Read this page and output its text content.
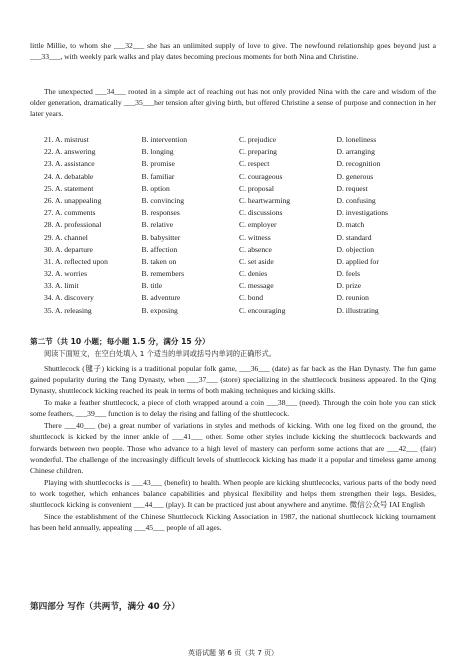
little Millie, to whom she ___32___ she has an unlimited supply of love to give. The newfound relationship goes beyond just a ___33___, with weekly park walks and play dates becoming precious moments for both Nina and Christine.

The unexpected ___34___ rooted in a simple act of reaching out has not only provided Nina with the care and wisdom of the older generation, dramatically ___35___her tension after giving birth, but offered Christine a sense of purpose and connection in her later years.

21. A. mistrust	B. intervention	C. prejudice	D. loneliness
22. A. answering	B. longing	C. preparing	D. arranging
23. A. assistance	B. promise	C. respect	D. recognition
24. A. debatable	B. familiar	C. courageous	D. generous
25. A. statement	B. option	C. proposal	D. request
26. A. unappealing	B. convincing	C. heartwarming	D. confusing
27. A. comments	B. responses	C. discussions	D. investigations
28. A. professional	B. relative	C. employer	D. match
29. A. channel	B. babysitter	C. witness	D. standard
30. A. departure	B. affection	C. absence	D. objection
31. A. reflected upon	B. taken on	C. set aside	D. applied for
32. A. worries	B. remembers	C. denies	D. feels
33. A. limit	B. title	C. message	D. prize
34. A. discovery	B. adventure	C. bond	D. reunion
35. A. releasing	B. exposing	C. encouraging	D. illustrating
第二节（共 10 小题；每小题 1.5 分，满分 15 分）
阅读下面短文，在空白处填入 1 个适当的单词或括号内单词的正确形式。

Shuttlecock (毽子) kicking is a traditional popular folk game, ___36___ (date) as far back as the Han Dynasty. The fun game gained popularity during the Tang Dynasty, when ___37___ (store) specializing in the shuttlecock business appeared. In the Qing Dynasty, shuttlecock kicking reached its peak in terms of both making techniques and kicking skills.

To make a feather shuttlecock, a piece of cloth wrapped around a coin ___38___ (need). Through the coin hole you can stick some feathers, ___39___ function is to delay the rising and falling of the shuttlecock.

There ___40___ (be) a great number of variations in styles and methods of kicking. With one leg fixed on the ground, the shuttlecock is kicked by the inner ankle of ___41___ other. Some other styles include kicking the shuttlecock backwards and forwards between two people. Those who advance to a high level of mastery can perform some actions that are ___42___ (fair) wonderful. The challenge of the increasingly difficult levels of shuttlecock kicking has made it a popular and timeless game among Chinese children.

Playing with shuttlecocks is ___43___ (benefit) to health. When people are kicking shuttlecocks, various parts of the body need to work together, which enhances balance capabilities and physical flexibility and helps them strengthen their legs. Besides, shuttlecock kicking is convenient ___44___ (play). It can be practiced just about anywhere and anytime. 微信公众号 IAI English

Since the establishment of the Chinese Shuttlecock Kicking Association in 1987, the national shuttlecock kicking tournament has been held annually, appealing ___45___ people of all ages.

第四部分 写作（共两节，满分 40 分）
英语试题 第 6 页（共 7 页）
